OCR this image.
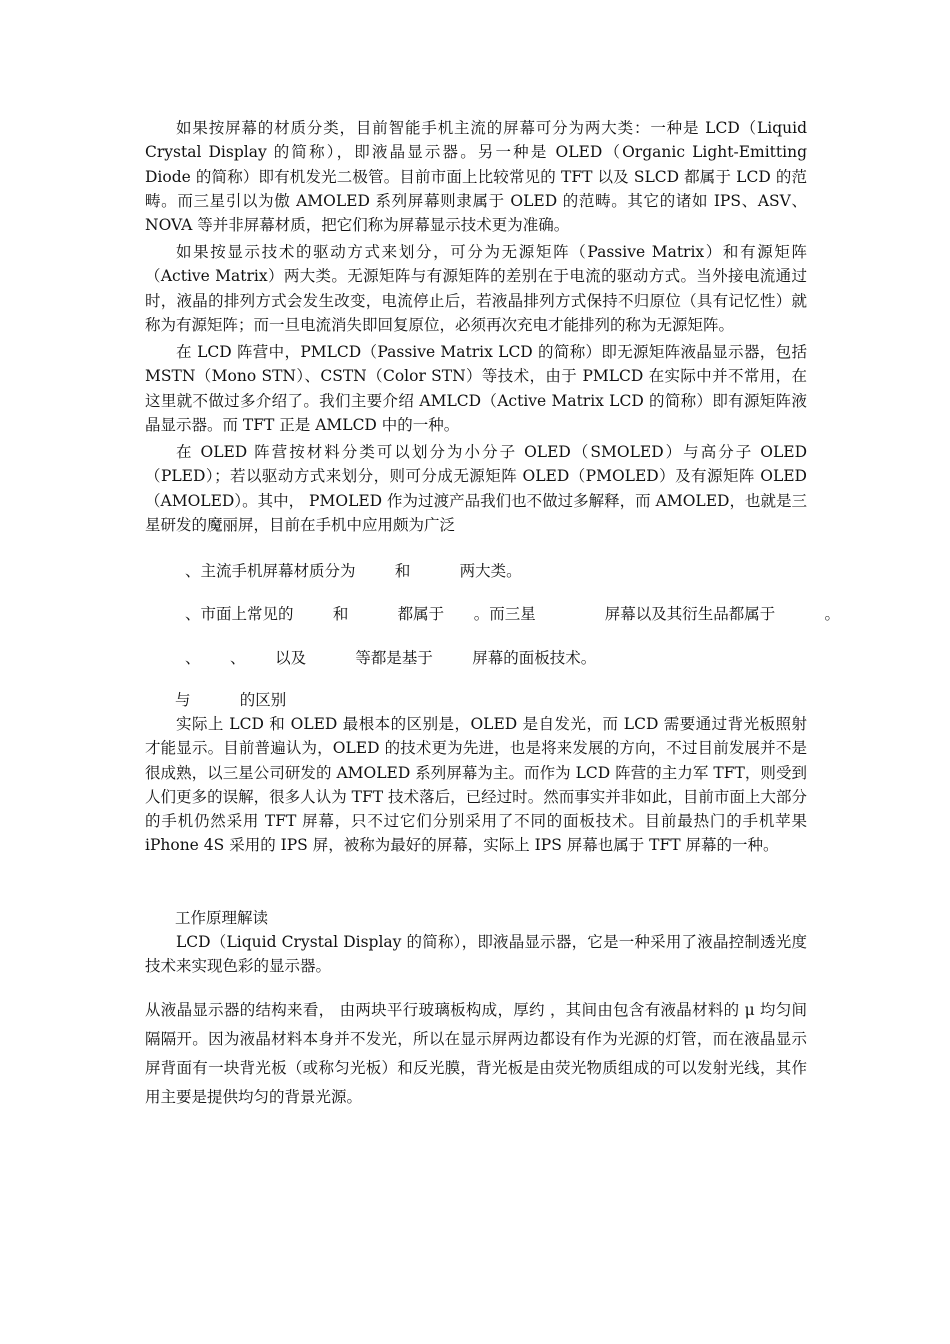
如果按屏幕的材质分类，目前智能手机主流的屏幕可分为两大类：一种是 LCD（Liquid Crystal Display 的简称），即液晶显示器。另一种是 OLED（Organic Light-Emitting Diode 的简称）即有机发光二极管。目前市面上比较常见的 TFT 以及 SLCD 都属于 LCD 的范畴。而三星引以为傲 AMOLED 系列屏幕则隶属于 OLED 的范畴。其它的诸如 IPS、ASV、NOVA 等并非屏幕材质，把它们称为屏幕显示技术更为准确。

如果按显示技术的驱动方式来划分，可分为无源矩阵（Passive Matrix）和有源矩阵（Active Matrix）两大类。无源矩阵与有源矩阵的差别在于电流的驱动方式。当外接电流通过时，液晶的排列方式会发生改变，电流停止后，若液晶排列方式保持不归原位（具有记忆性）就称为有源矩阵；而一旦电流消失即回复原位，必须再次充电才能排列的称为无源矩阵。

在 LCD 阵营中，PMLCD（Passive Matrix LCD 的简称）即无源矩阵液晶显示器，包括 MSTN（Mono STN）、CSTN（Color STN）等技术，由于 PMLCD 在实际中并不常用，在这里就不做过多介绍了。我们主要介绍 AMLCD（Active Matrix LCD 的简称）即有源矩阵液晶显示器。而 TFT 正是 AMLCD 中的一种。

在 OLED 阵营按材料分类可以划分为小分子 OLED（SMOLED）与高分子 OLED（PLED）；若以驱动方式来划分，则可分成无源矩阵 OLED（PMOLED）及有源矩阵 OLED（AMOLED）。其中， PMOLED 作为过渡产品我们也不做过多解释，而 AMOLED，也就是三星研发的魔丽屏，目前在手机中应用颇为广泛

、主流手机屏幕材质分为        和          两大类。
、市面上常见的        和          都属于      。而三星              屏幕以及其衍生品都属于          。
、      、      以及          等都是基于        屏幕的面板技术。
与          的区别

实际上 LCD 和 OLED 最根本的区别是，OLED 是自发光，而 LCD 需要通过背光板照射才能显示。目前普遍认为，OLED 的技术更为先进，也是将来发展的方向，不过目前发展并不是很成熟，以三星公司研发的 AMOLED 系列屏幕为主。而作为 LCD 阵营的主力军 TFT，则受到人们更多的误解，很多人认为 TFT 技术落后，已经过时。然而事实并非如此，目前市面上大部分的手机仍然采用 TFT 屏幕，只不过它们分别采用了不同的面板技术。目前最热门的手机苹果 iPhone 4S 采用的 IPS 屏，被称为最好的屏幕，实际上 IPS 屏幕也属于 TFT 屏幕的一种。

工作原理解读

LCD（Liquid Crystal Display 的简称），即液晶显示器，它是一种采用了液晶控制透光度技术来实现色彩的显示器。

从液晶显示器的结构来看， 由两块平行玻璃板构成，厚约 ，其间由包含有液晶材料的 μ 均匀间隔隔开。因为液晶材料本身并不发光，所以在显示屏两边都设有作为光源的灯管，而在液晶显示屏背面有一块背光板（或称匀光板）和反光膜，背光板是由荧光物质组成的可以发射光线，其作用主要是提供均匀的背景光源。
